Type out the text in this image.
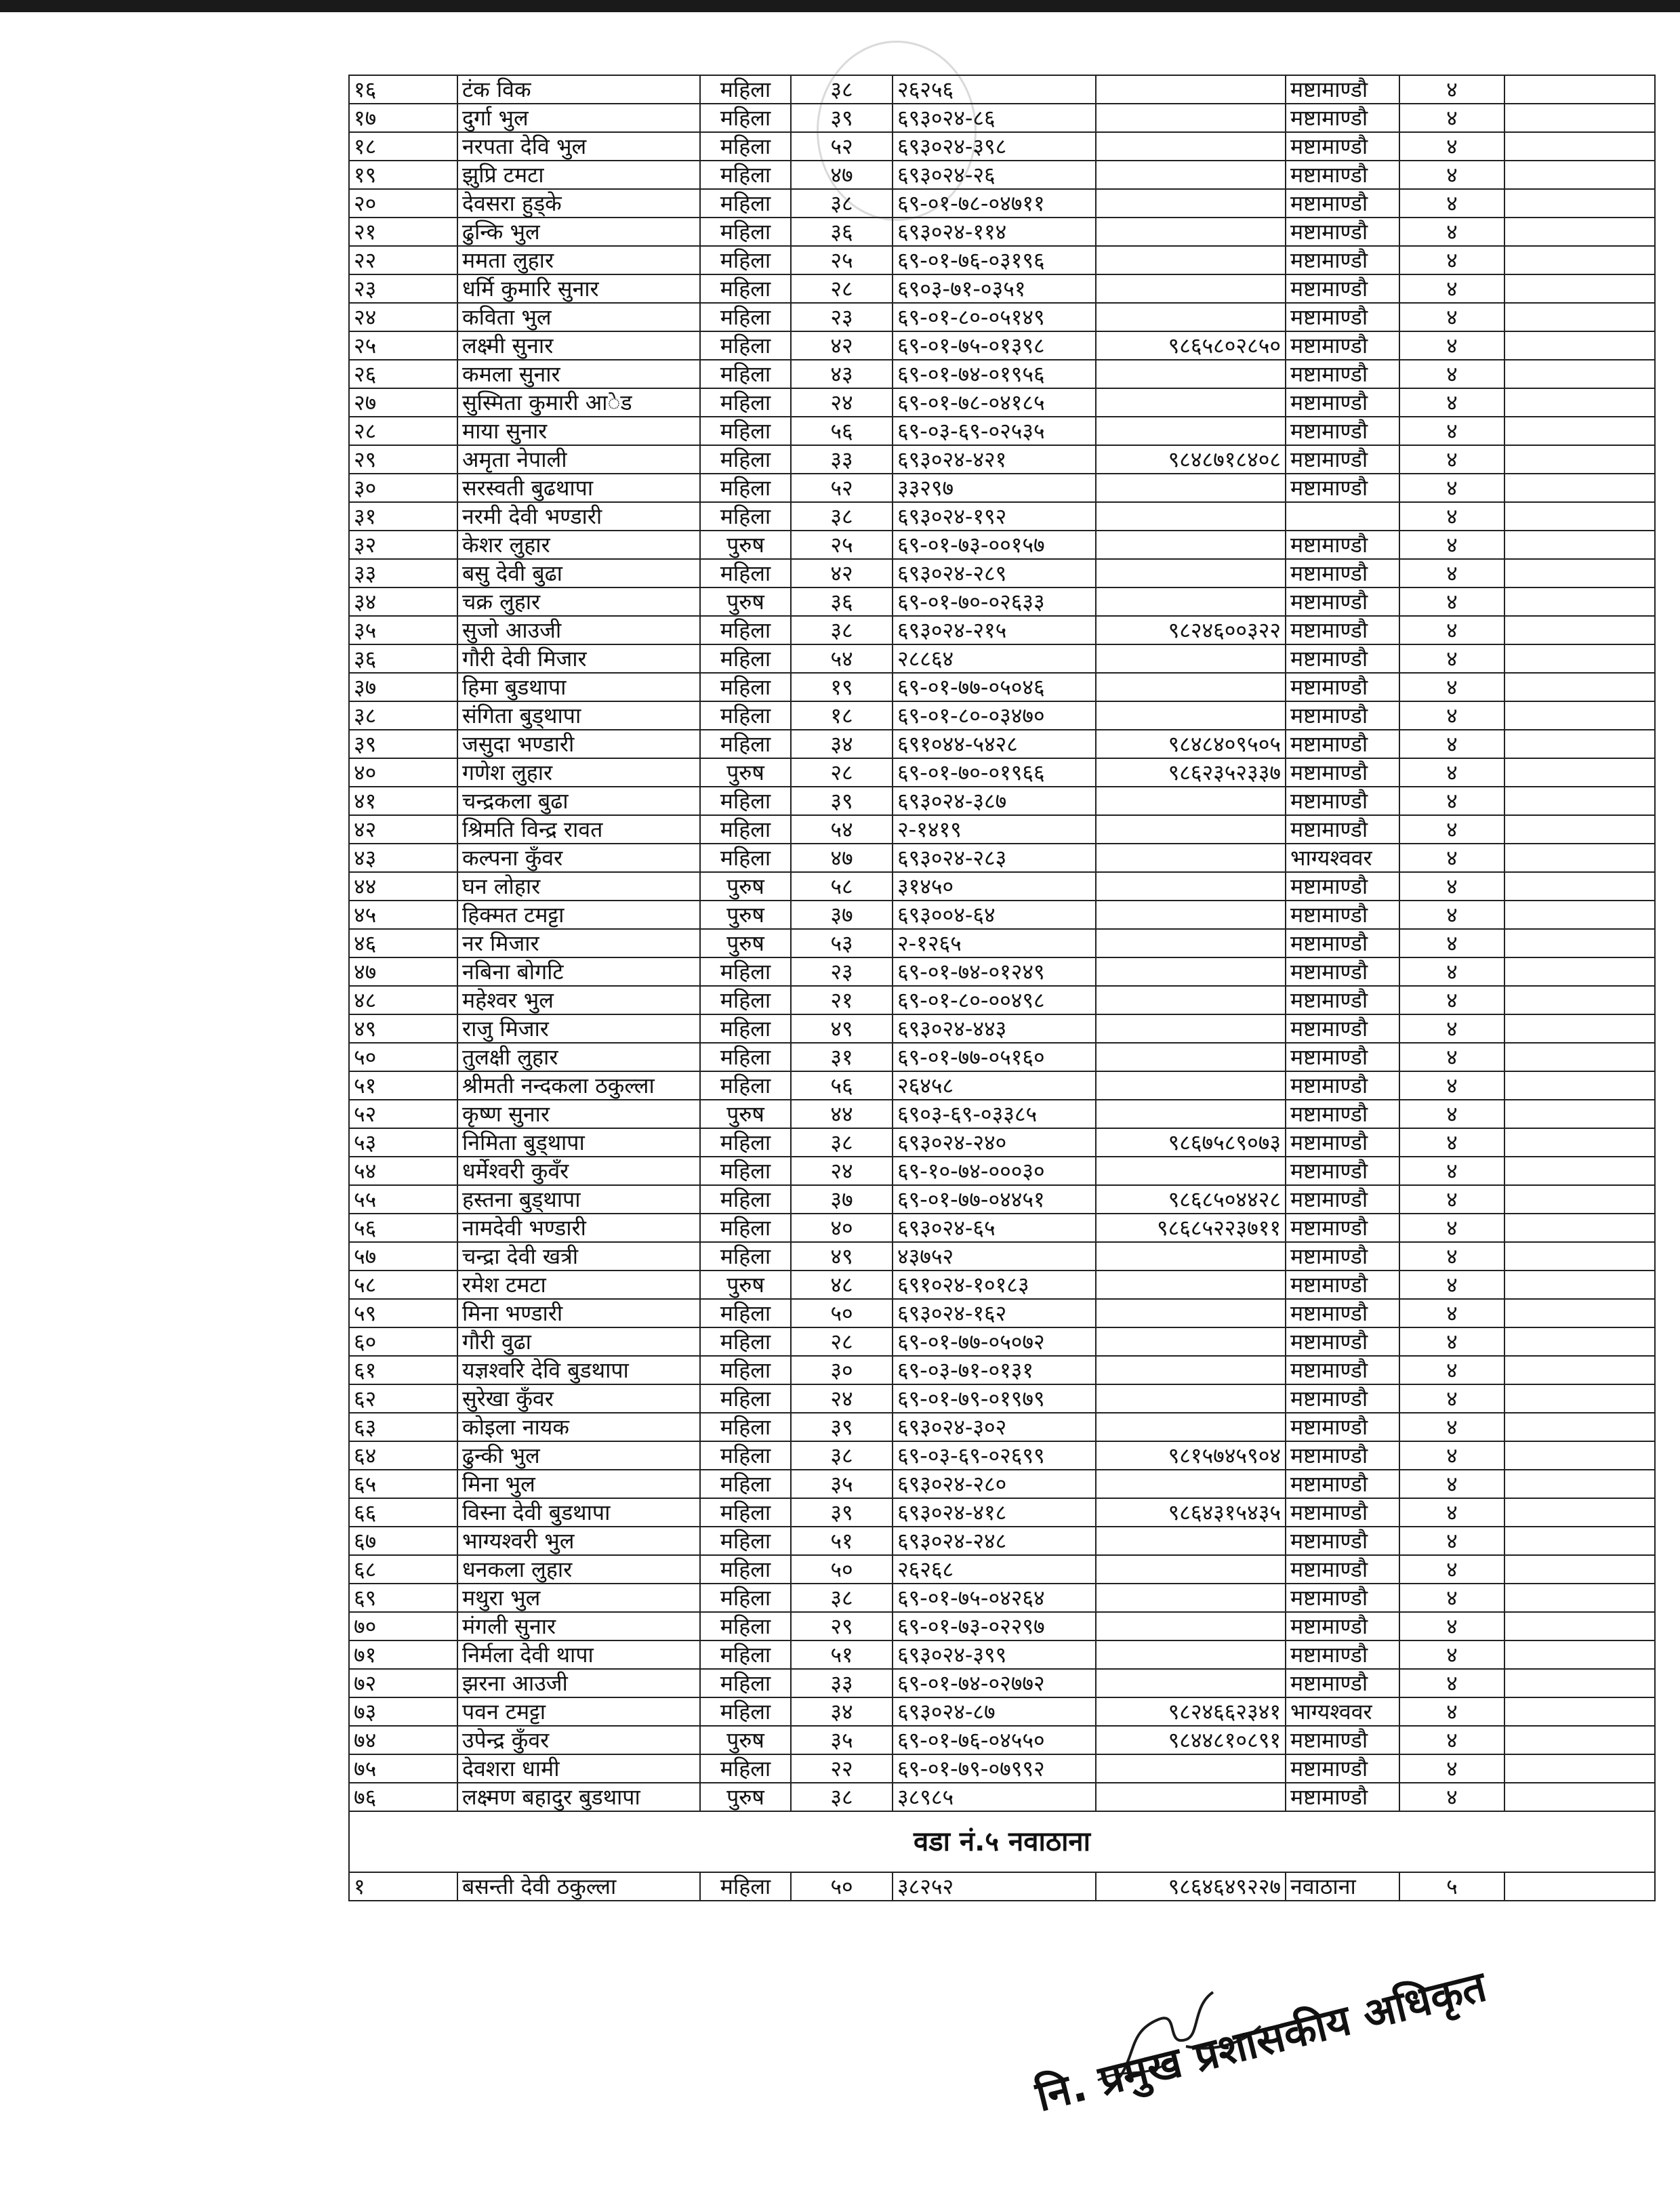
१६	टंक विक	महिला	३८	२६२५६		मष्टामाण्डौ	४	
१७	दुर्गा भुल	महिला	३९	६९३०२४-८६		मष्टामाण्डौ	४	
१८	नरपता देवि भुल	महिला	५२	६९३०२४-३९८		मष्टामाण्डौ	४	
१९	झुप्रि टमटा	महिला	४७	६९३०२४-२६		मष्टामाण्डौ	४	
२०	देवसरा हुड्के	महिला	३८	६९-०१-७८-०४७११		मष्टामाण्डौ	४	
२१	ढुन्कि भुल	महिला	३६	६९३०२४-११४		मष्टामाण्डौ	४	
२२	ममता लुहार	महिला	२५	६९-०१-७६-०३१९६		मष्टामाण्डौ	४	
२३	धर्मि कुमारि सुनार	महिला	२८	६९०३-७१-०३५१		मष्टामाण्डौ	४	
२४	कविता भुल	महिला	२३	६९-०१-८०-०५१४९		मष्टामाण्डौ	४	
२५	लक्ष्मी सुनार	महिला	४२	६९-०१-७५-०१३९८	९८६५८०२८५०	मष्टामाण्डौ	४	
२६	कमला सुनार	महिला	४३	६९-०१-७४-०१९५६		मष्टामाण्डौ	४	
२७	सुस्मिता कुमारी आ◌ेड	महिला	२४	६९-०१-७८-०४१८५		मष्टामाण्डौ	४	
२८	माया सुनार	महिला	५६	६९-०३-६९-०२५३५		मष्टामाण्डौ	४	
२९	अमृता नेपाली	महिला	३३	६९३०२४-४२१	९८४८७१८४०८	मष्टामाण्डौ	४	
३०	सरस्वती बुढथापा	महिला	५२	३३२९७		मष्टामाण्डौ	४	
३१	नरमी देवी भण्डारी	महिला	३८	६९३०२४-१९२			४	
३२	केशर लुहार	पुरुष	२५	६९-०१-७३-००१५७		मष्टामाण्डौ	४	
३३	बसु देवी बुढा	महिला	४२	६९३०२४-२८९		मष्टामाण्डौ	४	
३४	चक्र लुहार	पुरुष	३६	६९-०१-७०-०२६३३		मष्टामाण्डौ	४	
३५	सुजो आउजी	महिला	३८	६९३०२४-२१५	९८२४६००३२२	मष्टामाण्डौ	४	
३६	गौरी देवी मिजार	महिला	५४	२८८६४		मष्टामाण्डौ	४	
३७	हिमा बुडथापा	महिला	१९	६९-०१-७७-०५०४६		मष्टामाण्डौ	४	
३८	संगिता बुड्थापा	महिला	१८	६९-०१-८०-०३४७०		मष्टामाण्डौ	४	
३९	जसुदा भण्डारी	महिला	३४	६९१०४४-५४२८	९८४८४०९५०५	मष्टामाण्डौ	४	
४०	गणेश लुहार	पुरुष	२८	६९-०१-७०-०१९६६	९८६२३५२३३७	मष्टामाण्डौ	४	
४१	चन्द्रकला बुढा	महिला	३९	६९३०२४-३८७		मष्टामाण्डौ	४	
४२	श्रिमति विन्द्र रावत	महिला	५४	२-१४१९		मष्टामाण्डौ	४	
४३	कल्पना कुँवर	महिला	४७	६९३०२४-२८३		भाग्यश्ववर	४	
४४	घन लोहार	पुरुष	५८	३१४५०		मष्टामाण्डौ	४	
४५	हिक्मत टमट्टा	पुरुष	३७	६९३००४-६४		मष्टामाण्डौ	४	
४६	नर मिजार	पुरुष	५३	२-१२६५		मष्टामाण्डौ	४	
४७	नबिना बोगटि	महिला	२३	६९-०१-७४-०१२४९		मष्टामाण्डौ	४	
४८	महेश्वर भुल	महिला	२१	६९-०१-८०-००४९८		मष्टामाण्डौ	४	
४९	राजु मिजार	महिला	४९	६९३०२४-४४३		मष्टामाण्डौ	४	
५०	तुलक्षी लुहार	महिला	३१	६९-०१-७७-०५१६०		मष्टामाण्डौ	४	
५१	श्रीमती नन्दकला ठकुल्ला	महिला	५६	२६४५८		मष्टामाण्डौ	४	
५२	कृष्ण सुनार	पुरुष	४४	६९०३-६९-०३३८५		मष्टामाण्डौ	४	
५३	निमिता बुड्थापा	महिला	३८	६९३०२४-२४०	९८६७५८९०७३	मष्टामाण्डौ	४	
५४	धर्मेश्वरी कुवँर	महिला	२४	६९-१०-७४-०००३०		मष्टामाण्डौ	४	
५५	हस्तना बुड्थापा	महिला	३७	६९-०१-७७-०४४५१	९८६८५०४४२८	मष्टामाण्डौ	४	
५६	नामदेवी भण्डारी	महिला	४०	६९३०२४-६५	९८६८५२२३७११	मष्टामाण्डौ	४	
५७	चन्द्रा देवी खत्री	महिला	४९	४३७५२		मष्टामाण्डौ	४	
५८	रमेश टमटा	पुरुष	४८	६९१०२४-१०१८३		मष्टामाण्डौ	४	
५९	मिना भण्डारी	महिला	५०	६९३०२४-१६२		मष्टामाण्डौ	४	
६०	गौरी वुढा	महिला	२८	६९-०१-७७-०५०७२		मष्टामाण्डौ	४	
६१	यज्ञश्वरि देवि बुडथापा	महिला	३०	६९-०३-७१-०१३१		मष्टामाण्डौ	४	
६२	सुरेखा कुँवर	महिला	२४	६९-०१-७९-०१९७९		मष्टामाण्डौ	४	
६३	कोइला नायक	महिला	३९	६९३०२४-३०२		मष्टामाण्डौ	४	
६४	ढुन्की भुल	महिला	३८	६९-०३-६९-०२६९९	९८१५७४५९०४	मष्टामाण्डौ	४	
६५	मिना भुल	महिला	३५	६९३०२४-२८०		मष्टामाण्डौ	४	
६६	विस्ना देवी बुडथापा	महिला	३९	६९३०२४-४१८	९८६४३१५४३५	मष्टामाण्डौ	४	
६७	भाग्यश्वरी भुल	महिला	५१	६९३०२४-२४८		मष्टामाण्डौ	४	
६८	धनकला लुहार	महिला	५०	२६२६८		मष्टामाण्डौ	४	
६९	मथुरा भुल	महिला	३८	६९-०१-७५-०४२६४		मष्टामाण्डौ	४	
७०	मंगली सुनार	महिला	२९	६९-०१-७३-०२२९७		मष्टामाण्डौ	४	
७१	निर्मला देवी थापा	महिला	५१	६९३०२४-३९९		मष्टामाण्डौ	४	
७२	झरना आउजी	महिला	३३	६९-०१-७४-०२७७२		मष्टामाण्डौ	४	
७३	पवन टमट्टा	महिला	३४	६९३०२४-८७	९८२४६६२३४१	भाग्यश्ववर	४	
७४	उपेन्द्र कुँवर	पुरुष	३५	६९-०१-७६-०४५५०	९८४४८१०८९१	मष्टामाण्डौ	४	
७५	देवशरा धामी	महिला	२२	६९-०१-७९-०७९९२		मष्टामाण्डौ	४	
७६	लक्ष्मण बहादुर बुडथापा	पुरुष	३८	३८९८५		मष्टामाण्डौ	४	
वडा नं.५ नवाठाना								
१	बसन्ती देवी ठकुल्ला	महिला	५०	३८२५२	९८६४६४९२२७	नवाठाना	५	
नि. प्रमुख प्रशासकीय अधिकृत
